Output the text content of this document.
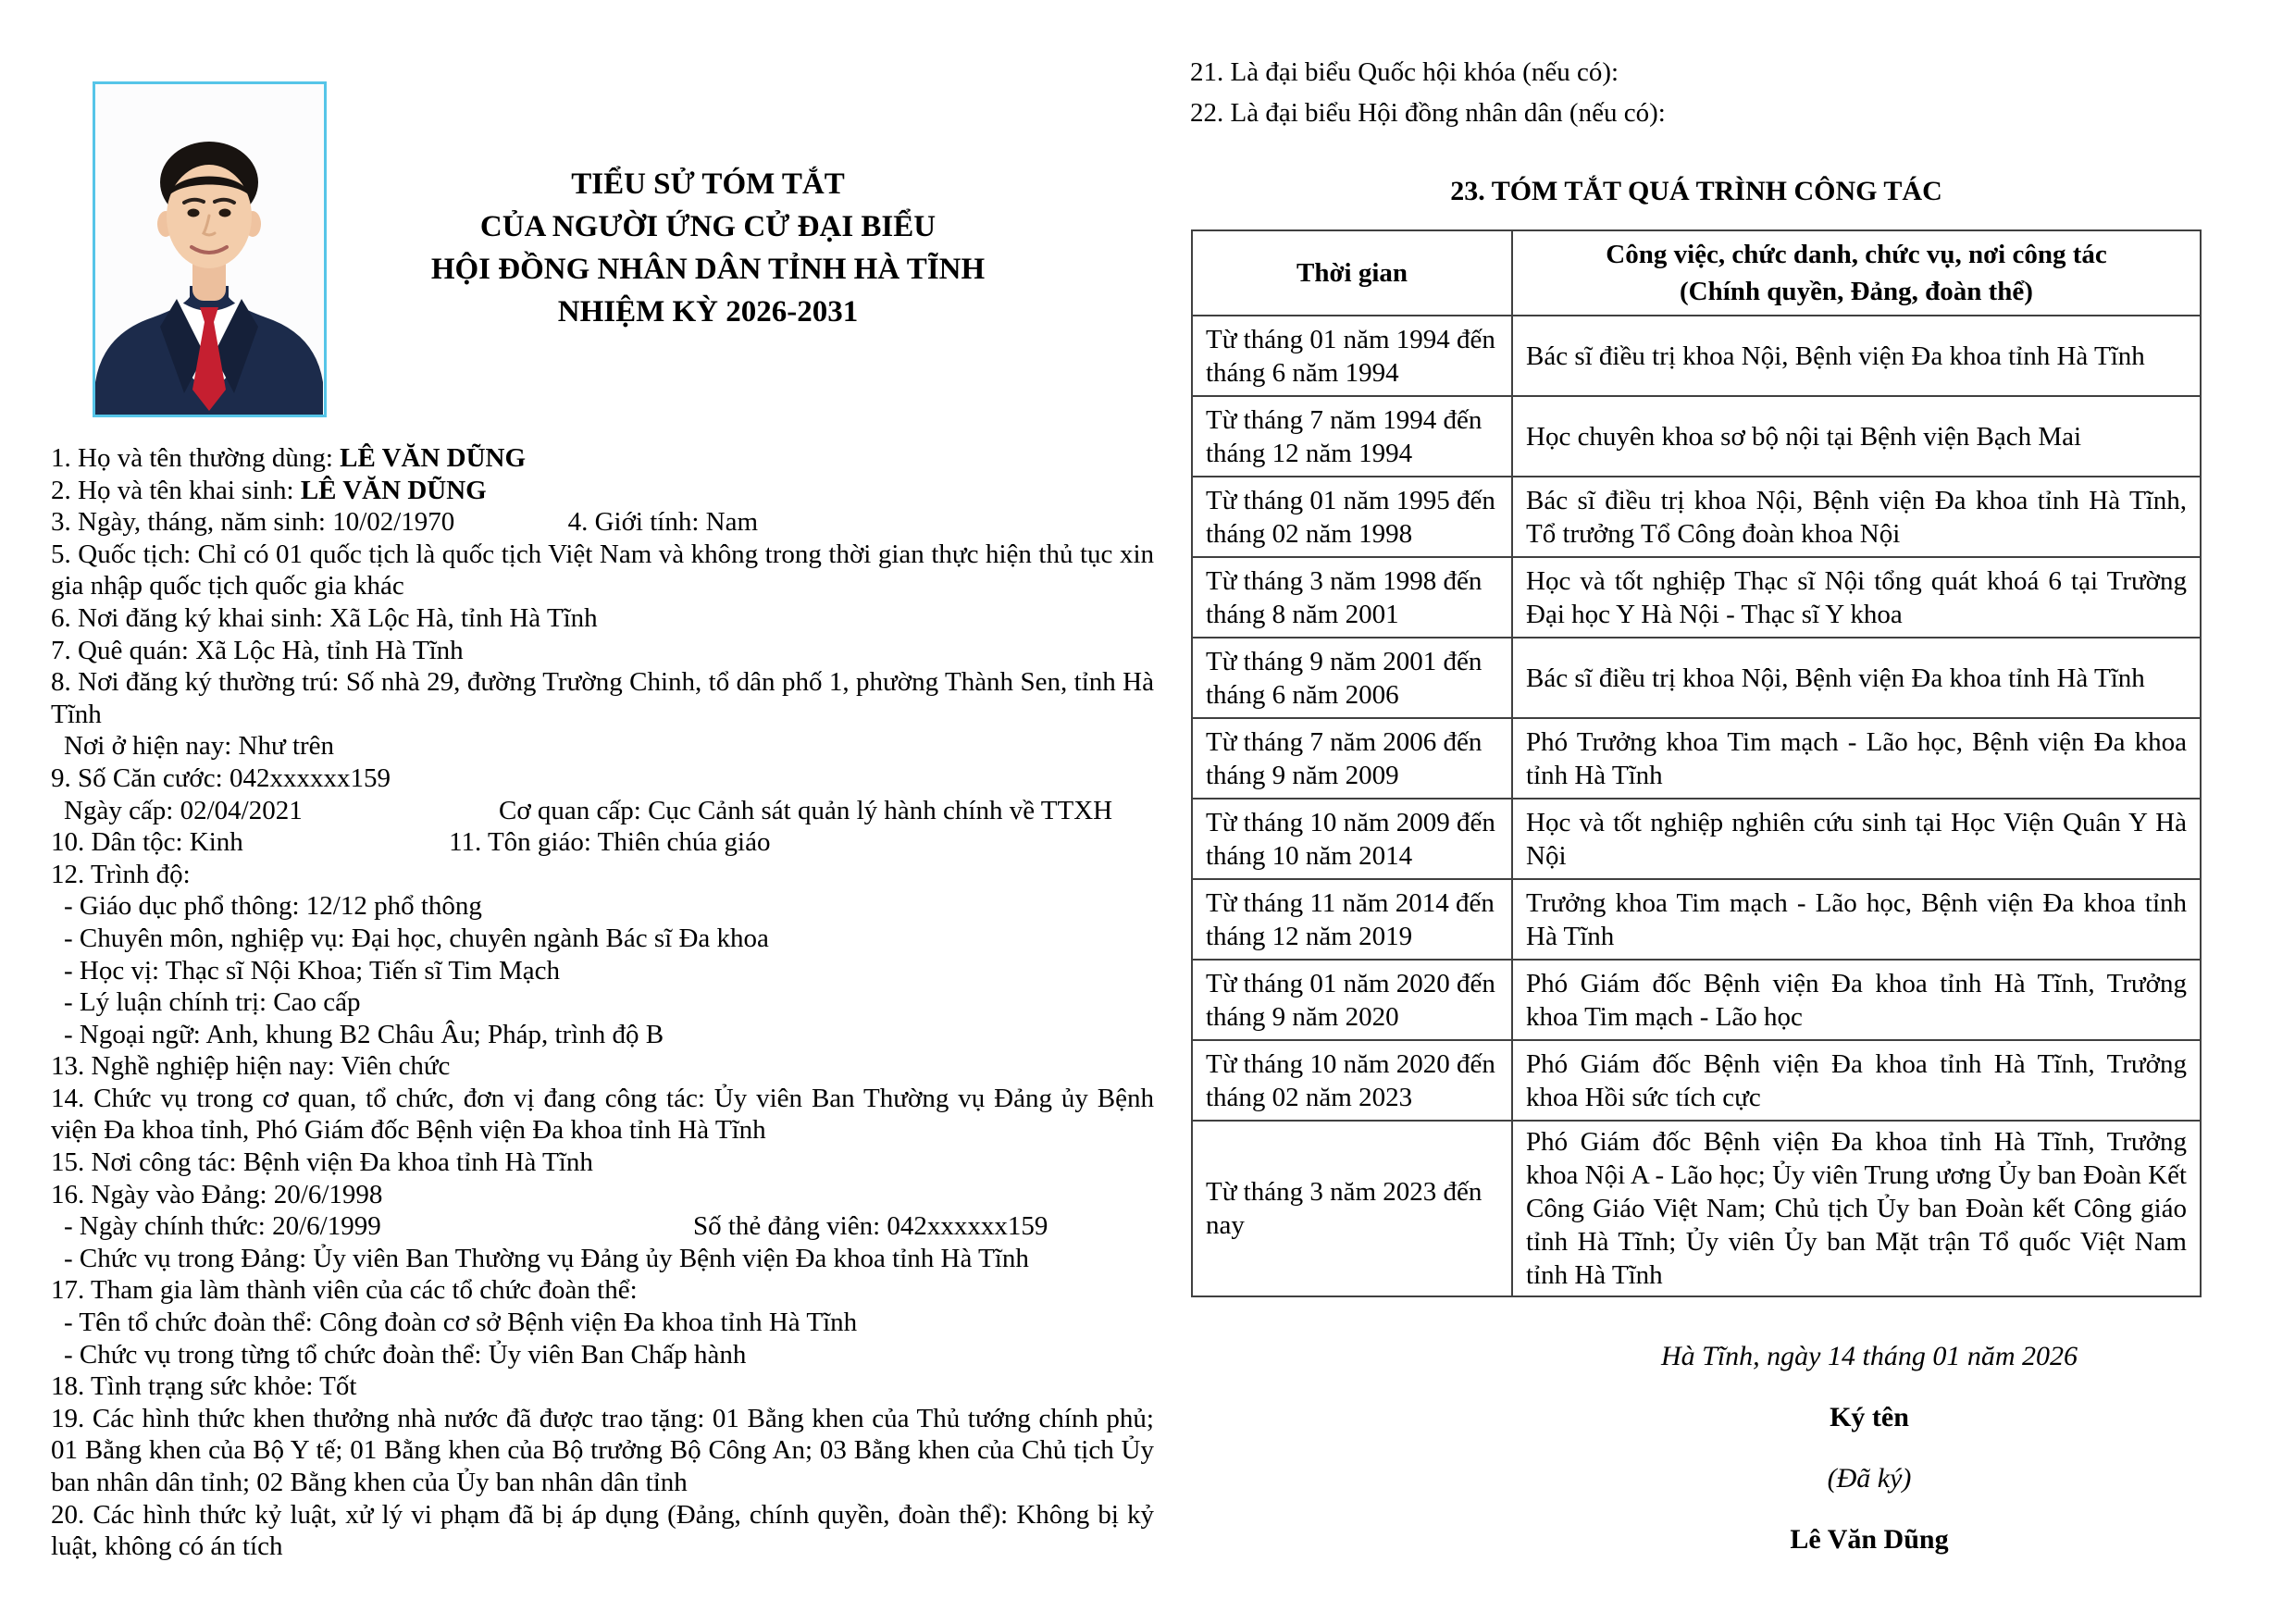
TIỂU SỬ TÓM TẮT
CỦA NGƯỜI ỨNG CỬ ĐẠI BIỂU
HỘI ĐỒNG NHÂN DÂN TỈNH HÀ TĨNH
NHIỆM KỲ 2026-2031

1. Họ và tên thường dùng: LÊ VĂN DŨNG

2. Họ và tên khai sinh: LÊ VĂN DŨNG

3. Ngày, tháng, năm sinh: 10/02/1970	4. Giới tính: Nam

5. Quốc tịch: Chỉ có 01 quốc tịch là quốc tịch Việt Nam và không trong thời gian thực hiện thủ tục xin gia nhập quốc tịch quốc gia khác

6. Nơi đăng ký khai sinh: Xã Lộc Hà, tỉnh Hà Tĩnh

7. Quê quán: Xã Lộc Hà, tỉnh Hà Tĩnh

8. Nơi đăng ký thường trú: Số nhà 29, đường Trường Chinh, tổ dân phố 1, phường Thành Sen, tỉnh Hà Tĩnh

Nơi ở hiện nay: Như trên

9. Số Căn cước: 042xxxxxx159

Ngày cấp: 02/04/2021	Cơ quan cấp: Cục Cảnh sát quản lý hành chính về TTXH

10. Dân tộc: Kinh	11. Tôn giáo: Thiên chúa giáo

12. Trình độ:

- Giáo dục phổ thông: 12/12 phổ thông

- Chuyên môn, nghiệp vụ: Đại học, chuyên ngành Bác sĩ Đa khoa

- Học vị: Thạc sĩ Nội Khoa; Tiến sĩ Tim Mạch

- Lý luận chính trị: Cao cấp

- Ngoại ngữ: Anh, khung B2 Châu Âu; Pháp, trình độ B

13. Nghề nghiệp hiện nay: Viên chức

14. Chức vụ trong cơ quan, tổ chức, đơn vị đang công tác: Ủy viên Ban Thường vụ Đảng ủy Bệnh viện Đa khoa tỉnh, Phó Giám đốc Bệnh viện Đa khoa tỉnh Hà Tĩnh

15. Nơi công tác: Bệnh viện Đa khoa tỉnh Hà Tĩnh

16. Ngày vào Đảng: 20/6/1998

- Ngày chính thức: 20/6/1999	Số thẻ đảng viên: 042xxxxxx159

- Chức vụ trong Đảng: Ủy viên Ban Thường vụ Đảng ủy Bệnh viện Đa khoa tỉnh Hà Tĩnh

17. Tham gia làm thành viên của các tổ chức đoàn thể:

- Tên tổ chức đoàn thể: Công đoàn cơ sở Bệnh viện Đa khoa tỉnh Hà Tĩnh

- Chức vụ trong từng tổ chức đoàn thể: Ủy viên Ban Chấp hành

18. Tình trạng sức khỏe: Tốt

19. Các hình thức khen thưởng nhà nước đã được trao tặng: 01 Bằng khen của Thủ tướng chính phủ; 01 Bằng khen của Bộ Y tế; 01 Bằng khen của Bộ trưởng Bộ Công An; 03 Bằng khen của Chủ tịch Ủy ban nhân dân tỉnh; 02 Bằng khen của Ủy ban nhân dân tỉnh

20. Các hình thức kỷ luật, xử lý vi phạm đã bị áp dụng (Đảng, chính quyền, đoàn thể): Không bị kỷ luật, không có án tích

21. Là đại biểu Quốc hội khóa (nếu có):
22. Là đại biểu Hội đồng nhân dân (nếu có):
23. TÓM TẮT QUÁ TRÌNH CÔNG TÁC
Thời gian	Công việc, chức danh, chức vụ, nơi công tác
(Chính quyền, Đảng, đoàn thể)

Từ tháng 01 năm 1994 đến tháng 6 năm 1994	Bác sĩ điều trị khoa Nội, Bệnh viện Đa khoa tỉnh Hà Tĩnh
Từ tháng 7 năm 1994 đến tháng 12 năm 1994	Học chuyên khoa sơ bộ nội tại Bệnh viện Bạch Mai
Từ tháng 01 năm 1995 đến tháng 02 năm 1998	Bác sĩ điều trị khoa Nội, Bệnh viện Đa khoa tỉnh Hà Tĩnh, Tổ trưởng Tổ Công đoàn khoa Nội
Từ tháng 3 năm 1998 đến tháng 8 năm 2001	Học và tốt nghiệp Thạc sĩ Nội tổng quát khoá 6 tại Trường Đại học Y Hà Nội - Thạc sĩ Y khoa
Từ tháng 9 năm 2001 đến tháng 6 năm 2006	Bác sĩ điều trị khoa Nội, Bệnh viện Đa khoa tỉnh Hà Tĩnh
Từ tháng 7 năm 2006 đến tháng 9 năm 2009	Phó Trưởng khoa Tim mạch - Lão học, Bệnh viện Đa khoa tỉnh Hà Tĩnh
Từ tháng 10 năm 2009 đến tháng 10 năm 2014	Học và tốt nghiệp nghiên cứu sinh tại Học Viện Quân Y Hà Nội
Từ tháng 11 năm 2014 đến tháng 12 năm 2019	Trưởng khoa Tim mạch - Lão học, Bệnh viện Đa khoa tỉnh Hà Tĩnh
Từ tháng 01 năm 2020 đến tháng 9 năm 2020	Phó Giám đốc Bệnh viện Đa khoa tỉnh Hà Tĩnh, Trưởng khoa Tim mạch - Lão học
Từ tháng 10 năm 2020 đến tháng 02 năm 2023	Phó Giám đốc Bệnh viện Đa khoa tỉnh Hà Tĩnh, Trưởng khoa Hồi sức tích cực
Từ tháng 3 năm 2023 đến nay	Phó Giám đốc Bệnh viện Đa khoa tỉnh Hà Tĩnh, Trưởng khoa Nội A - Lão học; Ủy viên Trung ương Ủy ban Đoàn Kết Công Giáo Việt Nam; Chủ tịch Ủy ban Đoàn kết Công giáo tỉnh Hà Tĩnh; Ủy viên Ủy ban Mặt trận Tổ quốc Việt Nam tỉnh Hà Tĩnh

Hà Tĩnh, ngày 14 tháng 01 năm 2026

Ký tên

(Đã ký)

Lê Văn Dũng
